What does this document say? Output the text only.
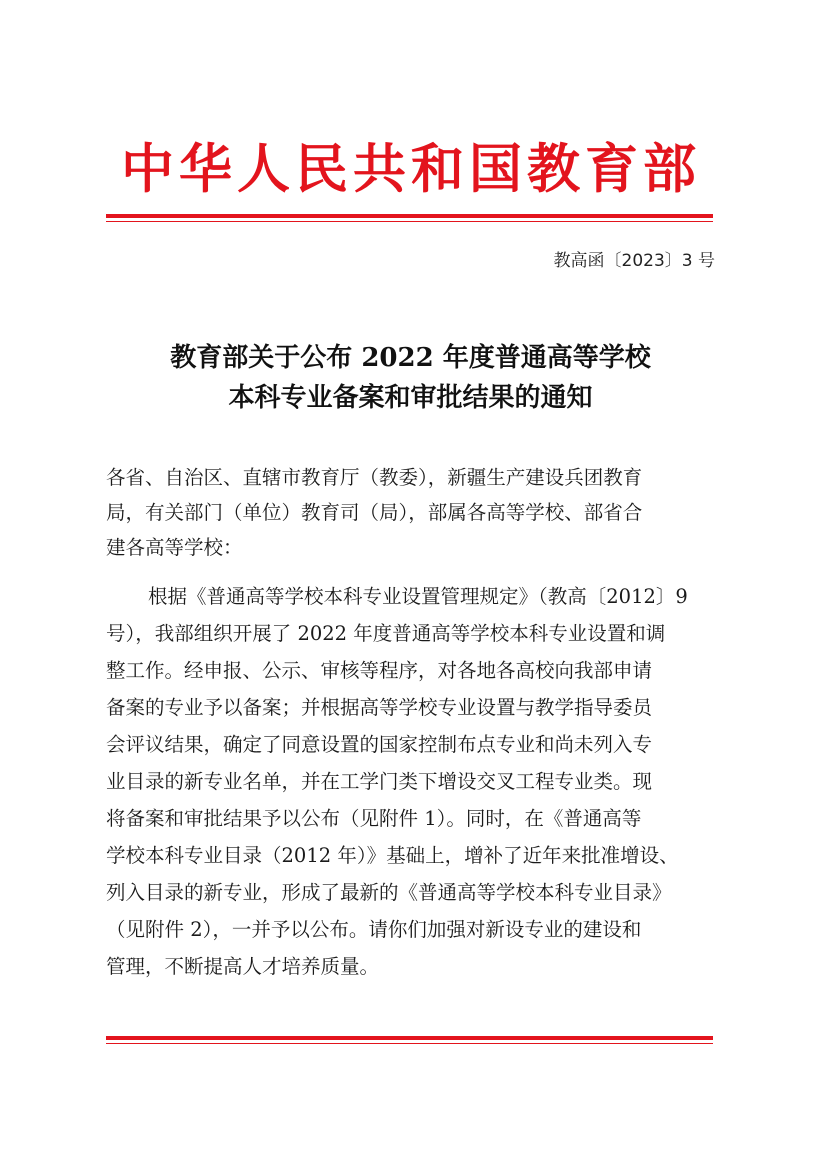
中华人民共和国教育部
教高函〔2023〕3 号
教育部关于公布 2022 年度普通高等学校
本科专业备案和审批结果的通知
各省、自治区、直辖市教育厅（教委），新疆生产建设兵团教育
局，有关部门（单位）教育司（局），部属各高等学校、部省合
建各高等学校：
根据《普通高等学校本科专业设置管理规定》（教高〔2012〕9
号），我部组织开展了 2022 年度普通高等学校本科专业设置和调
整工作。经申报、公示、审核等程序，对各地各高校向我部申请
备案的专业予以备案；并根据高等学校专业设置与教学指导委员
会评议结果，确定了同意设置的国家控制布点专业和尚未列入专
业目录的新专业名单，并在工学门类下增设交叉工程专业类。现
将备案和审批结果予以公布（见附件 1）。同时，在《普通高等
学校本科专业目录（2012 年）》基础上，增补了近年来批准增设、
列入目录的新专业，形成了最新的《普通高等学校本科专业目录》
（见附件 2），一并予以公布。请你们加强对新设专业的建设和
管理，不断提高人才培养质量。
